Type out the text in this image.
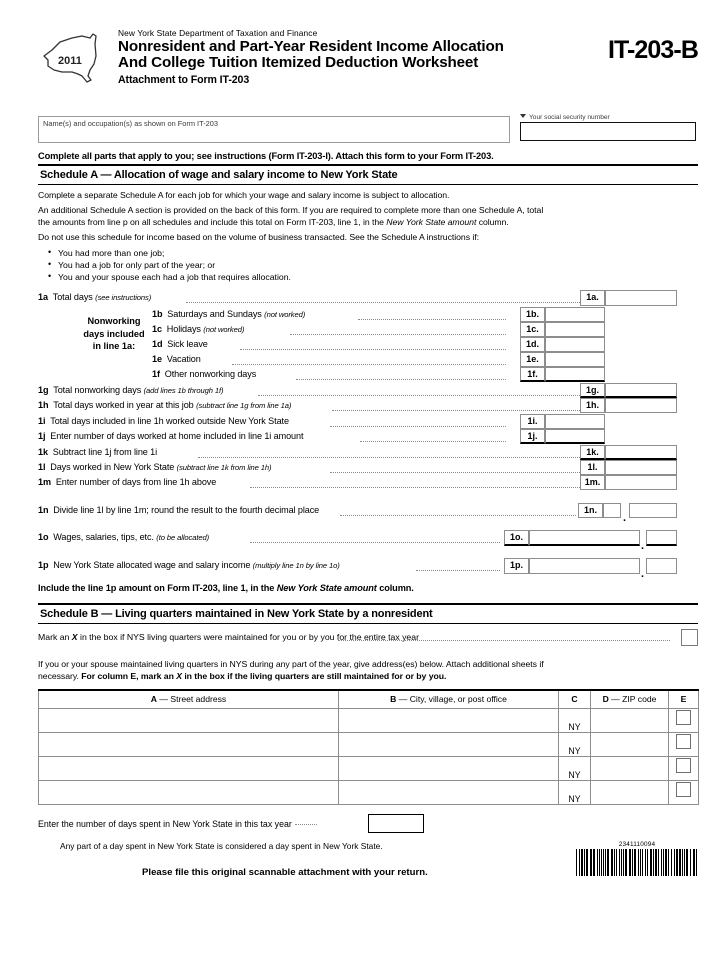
2011
New York State Department of Taxation and Finance
Nonresident and Part-Year Resident Income Allocation
And College Tuition Itemized Deduction Worksheet
Attachment to Form IT-203
IT-203-B
Name(s) and occupation(s) as shown on Form IT-203
Your social security number
Complete all parts that apply to you; see instructions (Form IT-203-I). Attach this form to your Form IT-203.
Schedule A — Allocation of wage and salary income to New York State
Complete a separate Schedule A for each job for which your wage and salary income is subject to allocation.
An additional Schedule A section is provided on the back of this form. If you are required to complete more than one Schedule A, total
the amounts from line p on all schedules and include this total on Form IT-203, line 1, in the New York State amount column.
Do not use this schedule for income based on the volume of business transacted. See the Schedule A instructions if:
• You had more than one job;
• You had a job for only part of the year; or
• You and your spouse each had a job that requires allocation.
Nonworking
days included
in line 1a:
1a Total days (see instructions)	1a.
1b Saturdays and Sundays (not worked)	1b.
1c Holidays (not worked)	1c.
1d Sick leave	1d.
1e Vacation	1e.
1f Other nonworking days	1f.
1g Total nonworking days (add lines 1b through 1f)	1g.
1h Total days worked in year at this job (subtract line 1g from line 1a)	1h.
1i Total days included in line 1h worked outside New York State	1i.
1j Enter number of days worked at home included in line 1i amount	1j.
1k Subtract line 1j from line 1i	1k.
1l Days worked in New York State (subtract line 1k from line 1h)	1l.
1m Enter number of days from line 1h above	1m.
1n Divide line 1l by line 1m; round the result to the fourth decimal place	1n.
.
1o Wages, salaries, tips, etc. (to be allocated)	1o.
.
1p New York State allocated wage and salary income (multiply line 1n by line 1o)	1p.
.
Include the line 1p amount on Form IT-203, line 1, in the New York State amount column.
Schedule B — Living quarters maintained in New York State by a nonresident
Mark an X in the box if NYS living quarters were maintained for you or by you for the entire tax year
If you or your spouse maintained living quarters in NYS during any part of the year, give address(es) below. Attach additional sheets if
necessary. For column E, mark an X in the box if the living quarters are still maintained for or by you.
A — Street address	B — City, village, or post office	C	D — ZIP code	E
		NY		
		NY		
		NY		
		NY		
Enter the number of days spent in New York State in this tax year
Any part of a day spent in New York State is considered a day spent in New York State.
Please file this original scannable attachment with your return.
2341110094
